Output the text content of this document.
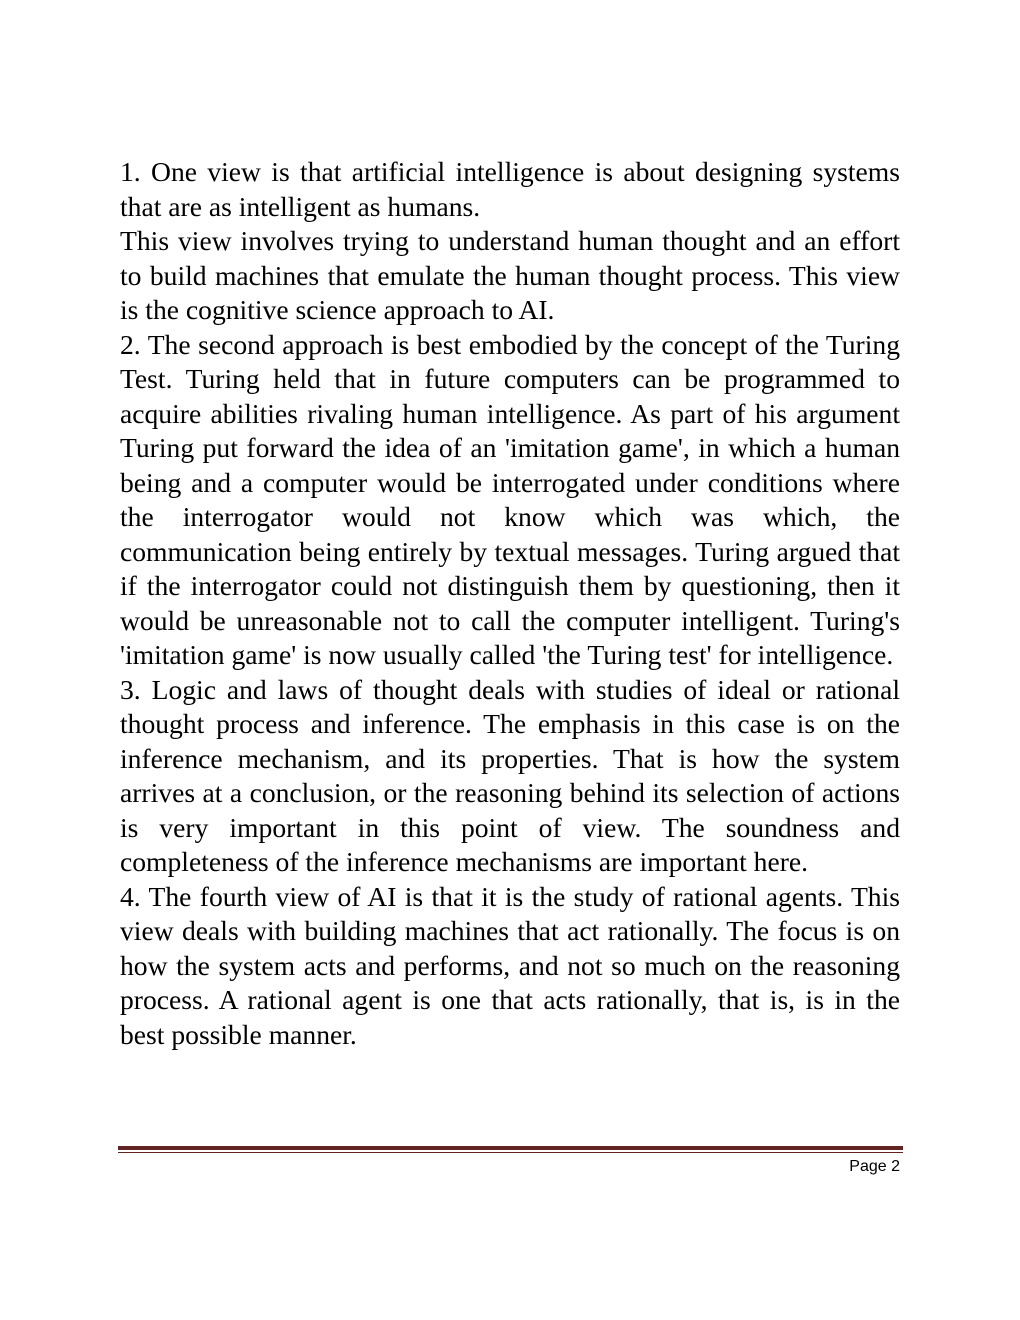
1. One view is that artificial intelligence is about designing systems that are as intelligent as humans.

This view involves trying to understand human thought and an effort to build machines that emulate the human thought process. This view is the cognitive science approach to AI.

2. The second approach is best embodied by the concept of the Turing Test. Turing held that in future computers can be programmed to acquire abilities rivaling human intelligence. As part of his argument Turing put forward the idea of an 'imitation game', in which a human being and a computer would be interrogated under conditions where the interrogator would not know which was which, the communication being entirely by textual messages. Turing argued that if the interrogator could not distinguish them by questioning, then it would be unreasonable not to call the computer intelligent. Turing's 'imitation game' is now usually called 'the Turing test' for intelligence.

3. Logic and laws of thought deals with studies of ideal or rational thought process and inference. The emphasis in this case is on the inference mechanism, and its properties. That is how the system arrives at a conclusion, or the reasoning behind its selection of actions is very important in this point of view. The soundness and completeness of the inference mechanisms are important here.

4. The fourth view of AI is that it is the study of rational agents. This view deals with building machines that act rationally. The focus is on how the system acts and performs, and not so much on the reasoning process. A rational agent is one that acts rationally, that is, is in the best possible manner.

Page 2
